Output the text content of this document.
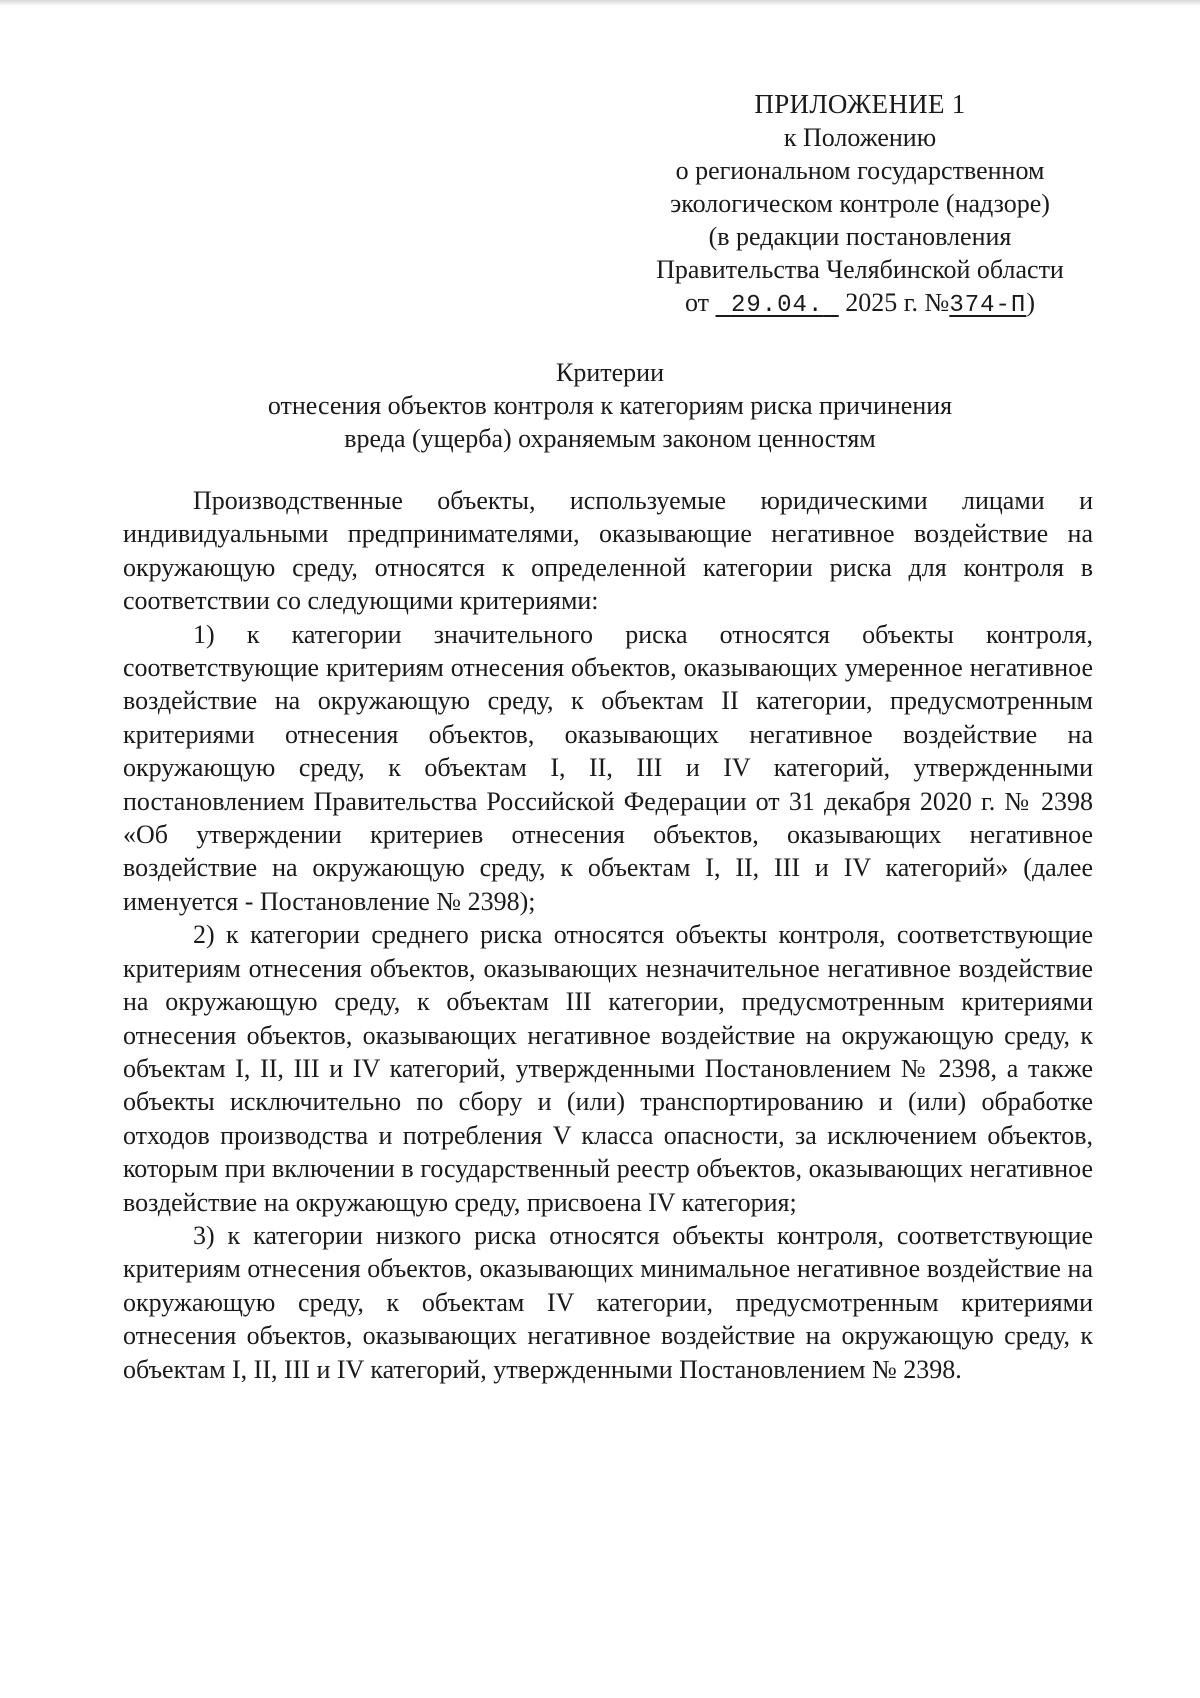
ПРИЛОЖЕНИЕ 1
к Положению
о региональном государственном
экологическом контроле (надзоре)
(в редакции постановления
Правительства Челябинской области
от 29.04. 2025 г. №374-П)
Критерии
отнесения объектов контроля к категориям риска причинения
вреда (ущерба) охраняемым законом ценностям

Производственные объекты, используемые юридическими лицами и индивидуальными предпринимателями, оказывающие негативное воздействие на окружающую среду, относятся к определенной категории риска для контроля в соответствии со следующими критериями:

1) к категории значительного риска относятся объекты контроля, соответствующие критериям отнесения объектов, оказывающих умеренное негативное воздействие на окружающую среду, к объектам II категории, предусмотренным критериями отнесения объектов, оказывающих негативное воздействие на окружающую среду, к объектам I, II, III и IV категорий, утвержденными постановлением Правительства Российской Федерации от 31 декабря 2020 г. № 2398 «Об утверждении критериев отнесения объектов, оказывающих негативное воздействие на окружающую среду, к объектам I, II, III и IV категорий» (далее именуется - Постановление № 2398);

2) к категории среднего риска относятся объекты контроля, соответствующие критериям отнесения объектов, оказывающих незначительное негативное воздействие на окружающую среду, к объектам III категории, предусмотренным критериями отнесения объектов, оказывающих негативное воздействие на окружающую среду, к объектам I, II, III и IV категорий, утвержденными Постановлением № 2398, а также объекты исключительно по сбору и (или) транспортированию и (или) обработке отходов производства и потребления V класса опасности, за исключением объектов, которым при включении в государственный реестр объектов, оказывающих негативное воздействие на окружающую среду, присвоена IV категория;

3) к категории низкого риска относятся объекты контроля, соответствующие критериям отнесения объектов, оказывающих минимальное негативное воздействие на окружающую среду, к объектам IV категории, предусмотренным критериями отнесения объектов, оказывающих негативное воздействие на окружающую среду, к объектам I, II, III и IV категорий, утвержденными Постановлением № 2398.
